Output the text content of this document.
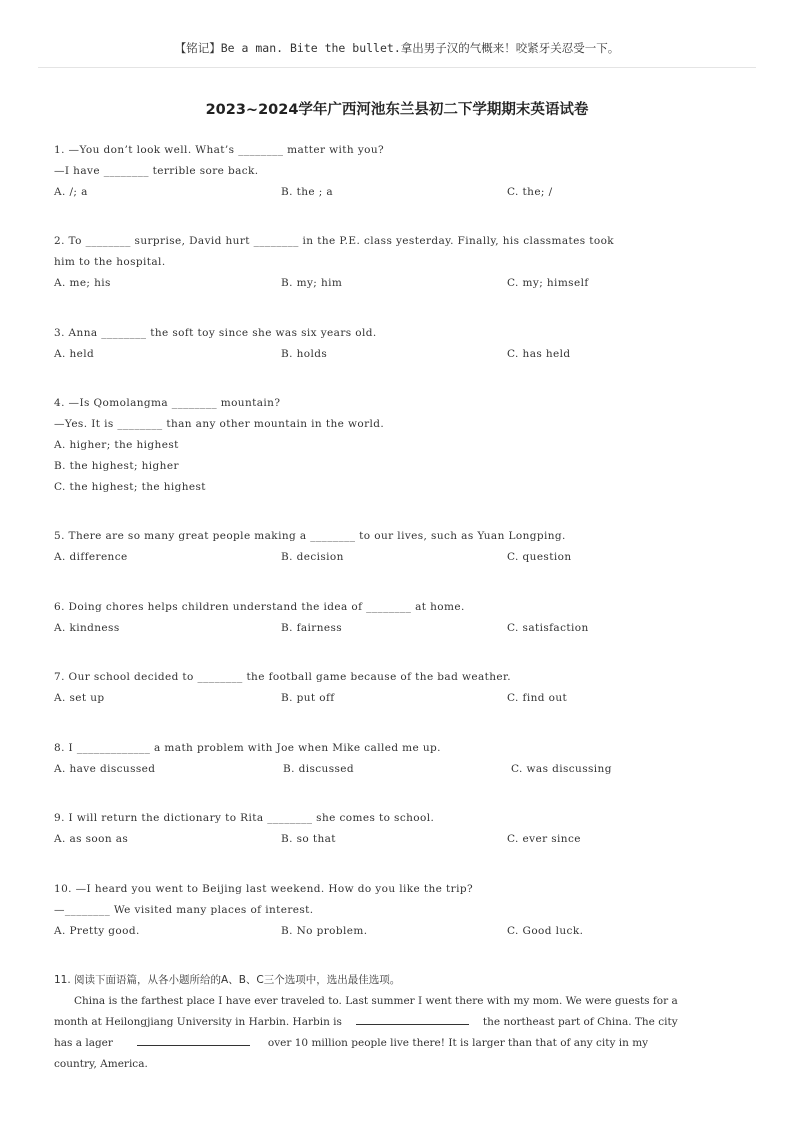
【铭记】Be a man. Bite the bullet.拿出男子汉的气概来！咬紧牙关忍受一下。
2023~2024学年广西河池东兰县初二下学期期末英语试卷
1. —You don’t look well. What’s ________ matter with you?
—I have ________ terrible sore back.
A. /; a	B. the ; a	C. the; /
2. To ________ surprise, David hurt ________ in the P.E. class yesterday. Finally, his classmates took
him to the hospital.
A. me; his	B. my; him	C. my; himself
3. Anna ________ the soft toy since she was six years old.
A. held	B. holds	C. has held
4. —Is Qomolangma ________ mountain?
—Yes. It is ________ than any other mountain in the world.
A. higher; the highest
B. the highest; higher
C. the highest; the highest
5. There are so many great people making a ________ to our lives, such as Yuan Longping.
A. difference	B. decision	C. question
6. Doing chores helps children understand the idea of ________ at home.
A. kindness	B. fairness	C. satisfaction
7. Our school decided to ________ the football game because of the bad weather.
A. set up	B. put off	C. find out
8. I _____________ a math problem with Joe when Mike called me up.
A. have discussed	B. discussed	C. was discussing
9. I will return the dictionary to Rita ________ she comes to school.
A. as soon as	B. so that	C. ever since
10. —I heard you went to Beijing last weekend. How do you like the trip?
—________ We visited many places of interest.
A. Pretty good.	B. No problem.	C. Good luck.
11. 阅读下面语篇，从各小题所给的A、B、C三个选项中，选出最佳选项。
China is the farthest place I have ever traveled to. Last summer I went there with my mom. We were guests for a
month at Heilongjiang University in Harbin. Harbin is	the northeast part of China. The city
has a lager	over 10 million people live there! It is larger than that of any city in my
country, America.
